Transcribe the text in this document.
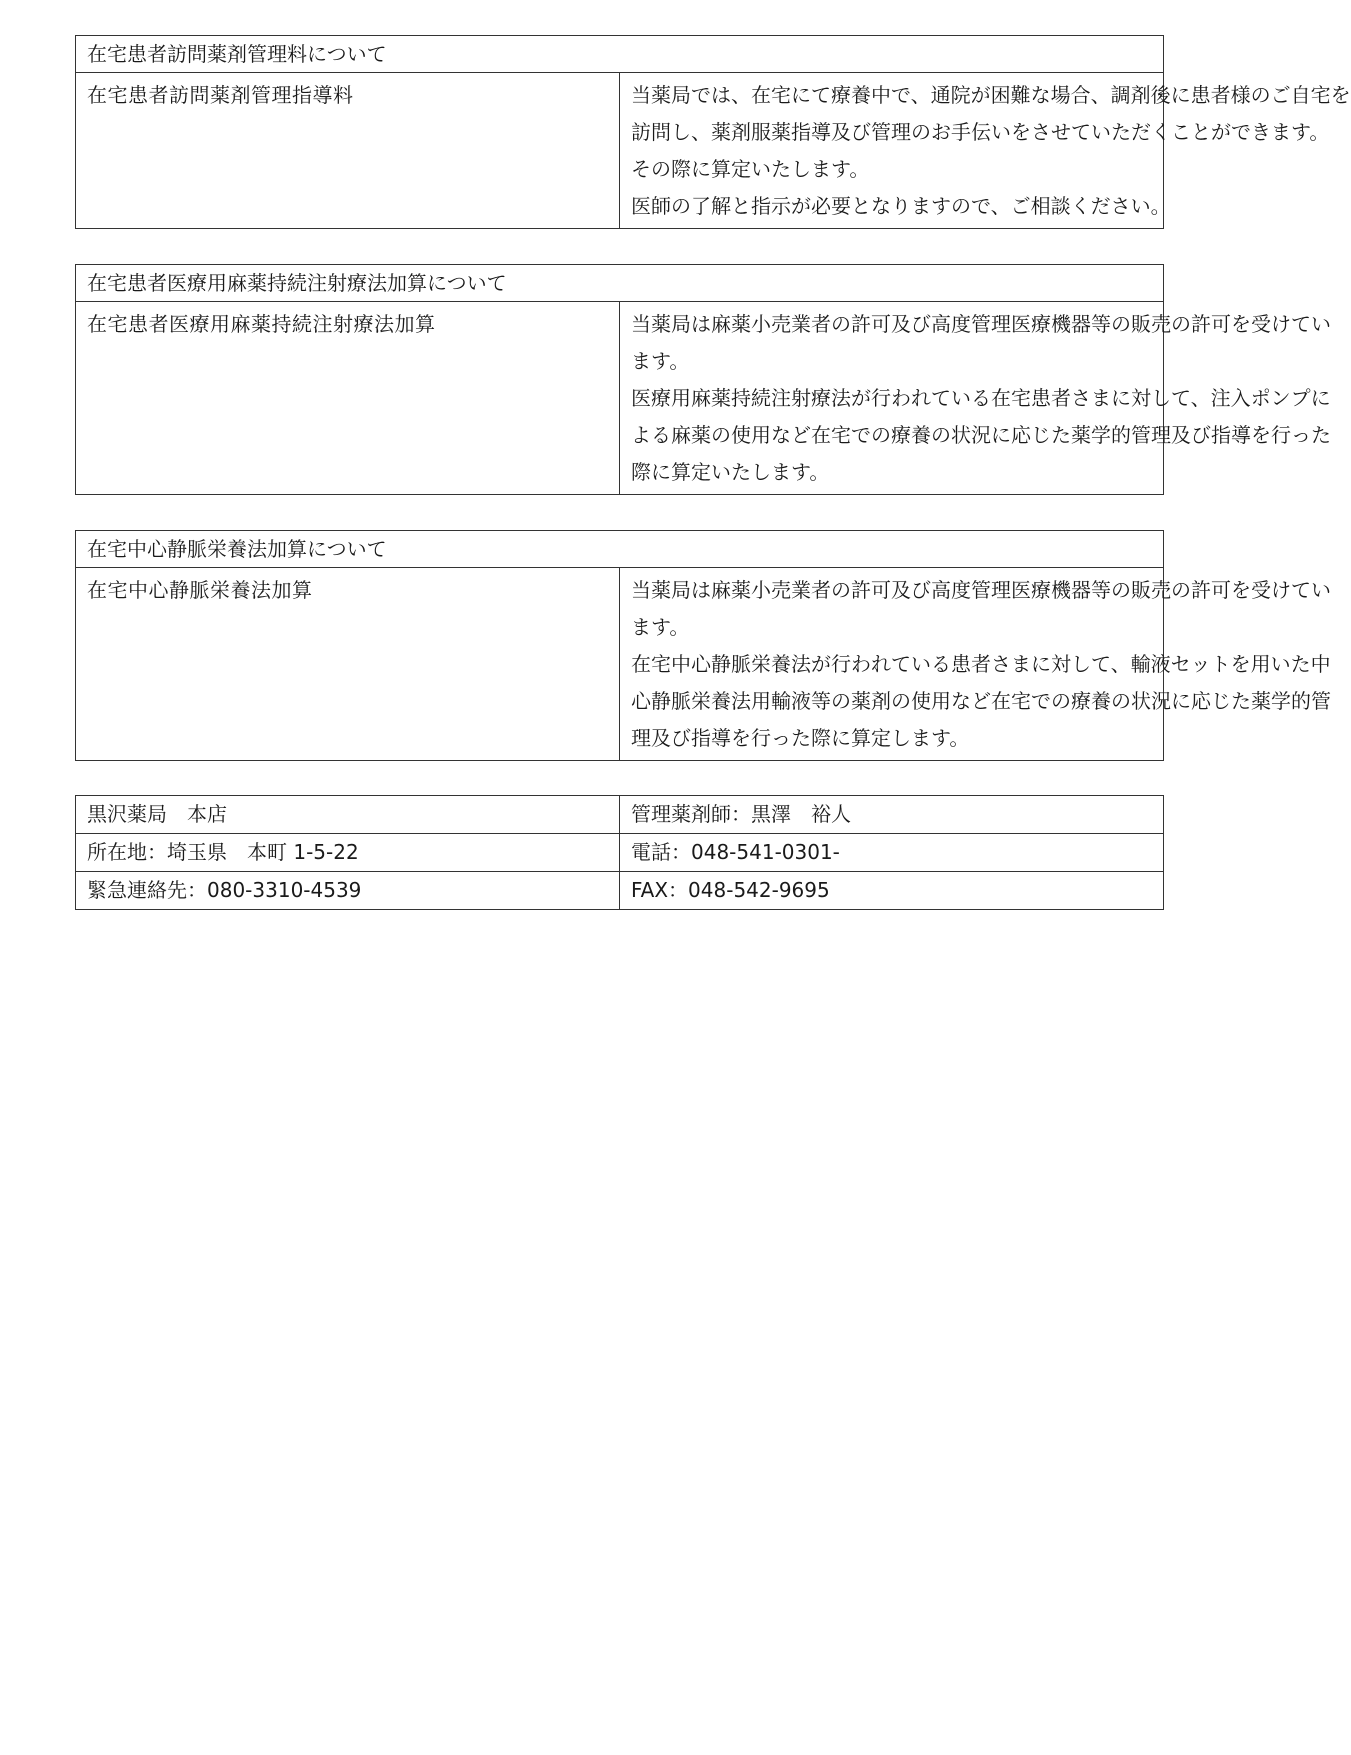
在宅患者訪問薬剤管理料について
在宅患者訪問薬剤管理指導料	当薬局では、在宅にて療養中で、通院が困難な場合、調剤後に患者様のご自宅を
訪問し、薬剤服薬指導及び管理のお手伝いをさせていただくことができます。
その際に算定いたします。
医師の了解と指示が必要となりますので、ご相談ください。
在宅患者医療用麻薬持続注射療法加算について
在宅患者医療用麻薬持続注射療法加算	当薬局は麻薬小売業者の許可及び高度管理医療機器等の販売の許可を受けてい
ます。
医療用麻薬持続注射療法が行われている在宅患者さまに対して、注入ポンプに
よる麻薬の使用など在宅での療養の状況に応じた薬学的管理及び指導を行った
際に算定いたします。
在宅中心静脈栄養法加算について
在宅中心静脈栄養法加算	当薬局は麻薬小売業者の許可及び高度管理医療機器等の販売の許可を受けてい
ます。
在宅中心静脈栄養法が行われている患者さまに対して、輸液セットを用いた中
心静脈栄養法用輸液等の薬剤の使用など在宅での療養の状況に応じた薬学的管
理及び指導を行った際に算定します。
黒沢薬局　本店	管理薬剤師：黒澤　裕人
所在地：埼玉県　本町 1-5-22	電話：048-541-0301-
緊急連絡先：080-3310-4539	FAX：048-542-9695
